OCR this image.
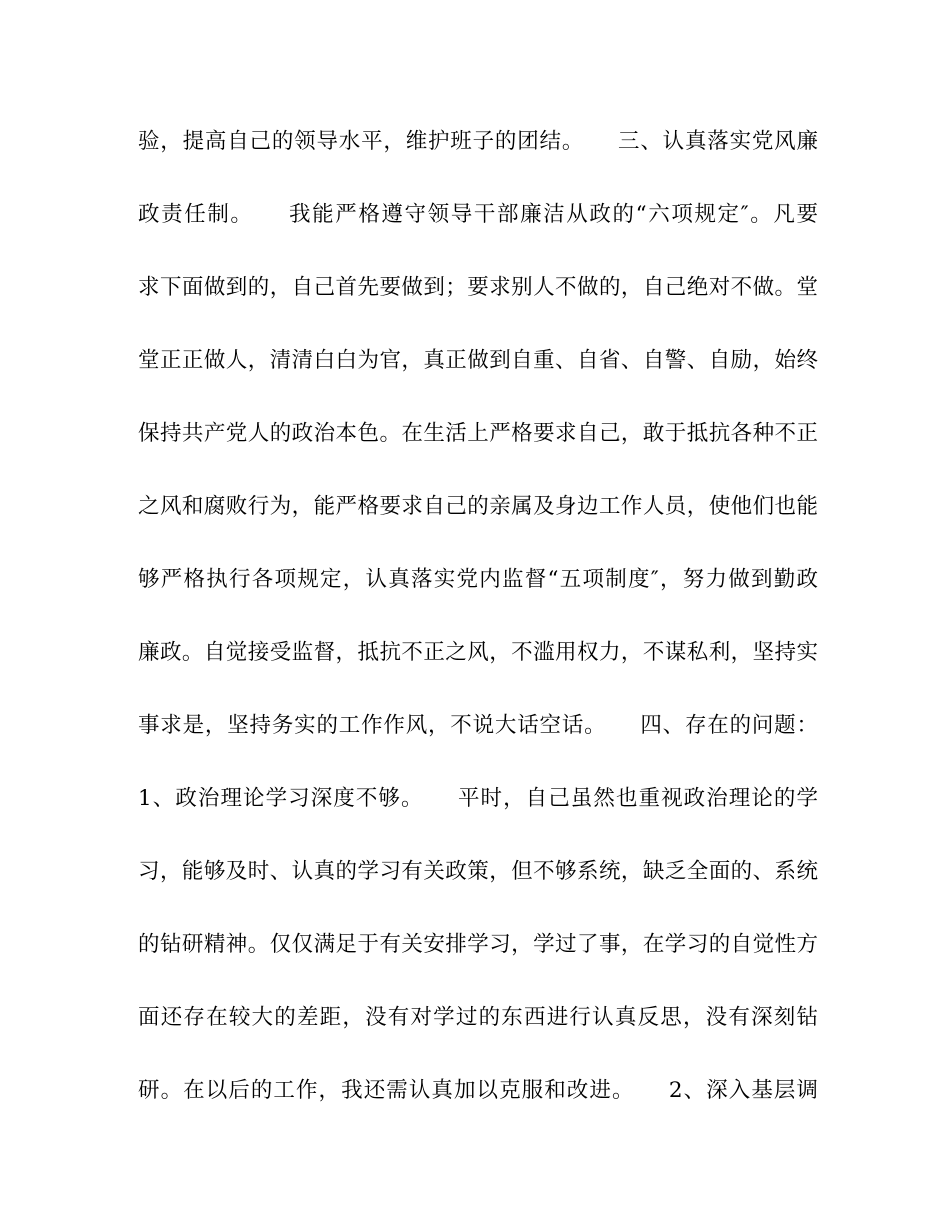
验，提高自己的领导水平，维护班子的团结。　　三、认真落实党风廉
政责任制。　　我能严格遵守领导干部廉洁从政的“六项规定″。凡要
求下面做到的，自己首先要做到；要求别人不做的，自己绝对不做。堂
堂正正做人，清清白白为官，真正做到自重、自省、自警、自励，始终
保持共产党人的政治本色。在生活上严格要求自己，敢于抵抗各种不正
之风和腐败行为，能严格要求自己的亲属及身边工作人员，使他们也能
够严格执行各项规定，认真落实党内监督“五项制度″，努力做到勤政
廉政。自觉接受监督，抵抗不正之风，不滥用权力，不谋私利，坚持实
事求是，坚持务实的工作作风，不说大话空话。　　四、存在的问题：
1、政治理论学习深度不够。　　平时，自己虽然也重视政治理论的学
习，能够及时、认真的学习有关政策，但不够系统，缺乏全面的、系统
的钻研精神。仅仅满足于有关安排学习，学过了事，在学习的自觉性方
面还存在较大的差距，没有对学过的东西进行认真反思，没有深刻钻
研。在以后的工作，我还需认真加以克服和改进。　　2、深入基层调
